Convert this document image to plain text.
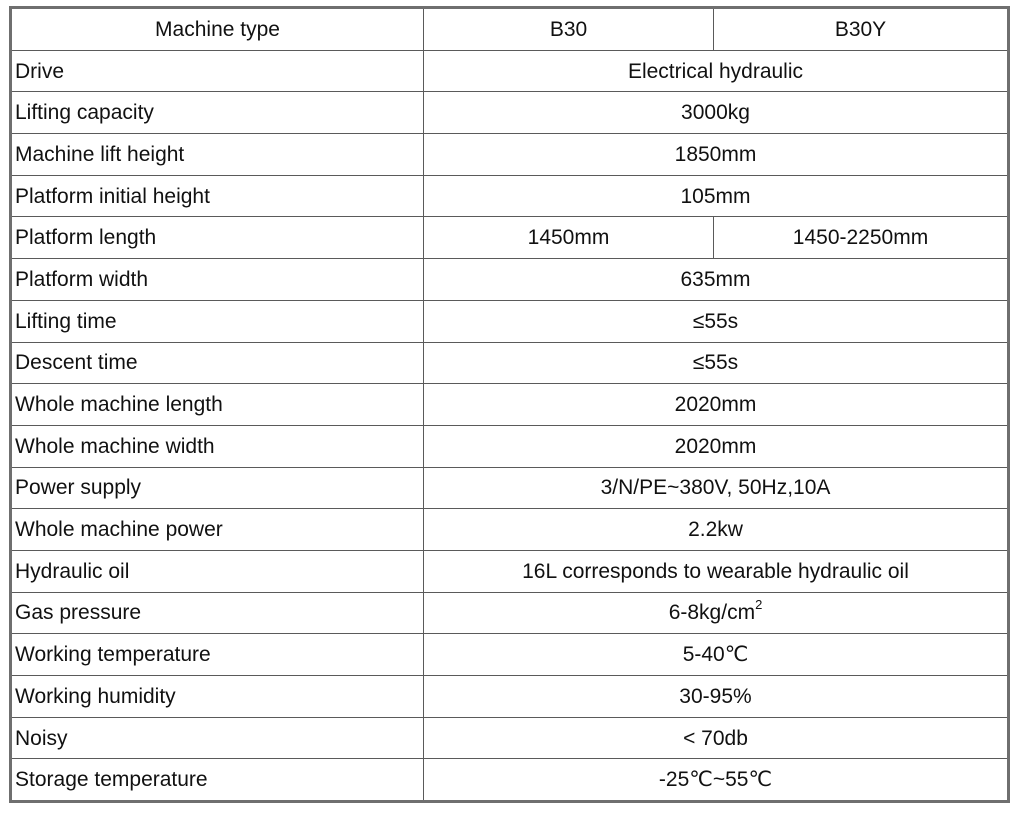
Machine type	B30	B30Y
Drive	Electrical hydraulic	
Lifting capacity	3000kg	
Machine lift height	1850mm	
Platform initial height	105mm	
Platform length	1450mm	1450-2250mm
Platform width	635mm	
Lifting time	≤55s	
Descent time	≤55s	
Whole machine length	2020mm	
Whole machine width	2020mm	
Power supply	3/N/PE~380V, 50Hz,10A	
Whole machine power	2.2kw	
Hydraulic oil	16L corresponds to wearable hydraulic oil	
Gas pressure	$6-8kg/cm^2$
Working temperature	5-40℃	
Working humidity	30-95%	
Noisy	< 70db	
Storage temperature	-25℃~55℃	
